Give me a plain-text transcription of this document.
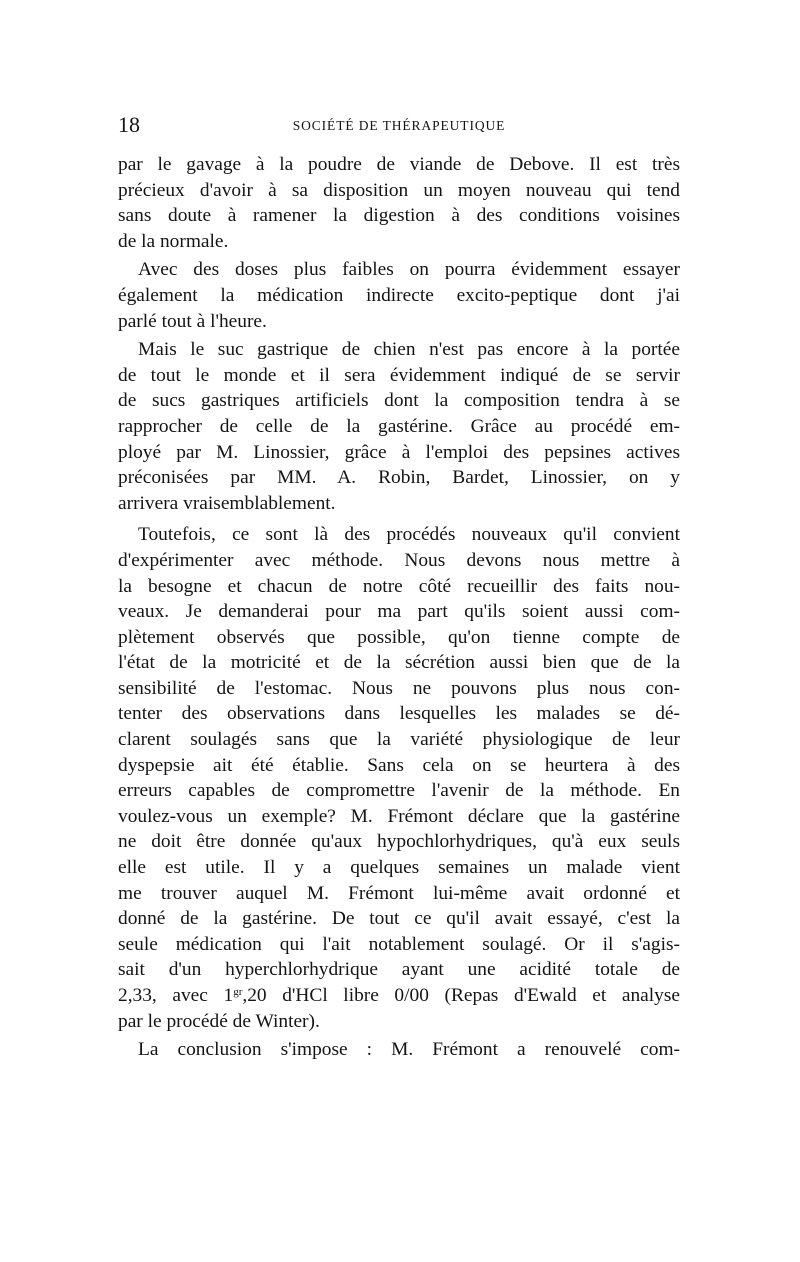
18	SOCIÉTÉ DE THÉRAPEUTIQUE
par le gavage à la poudre de viande de Debove. Il est très
précieux d'avoir à sa disposition un moyen nouveau qui tend
sans doute à ramener la digestion à des conditions voisines
de la normale.
Avec des doses plus faibles on pourra évidemment essayer
également la médication indirecte excito-peptique dont j'ai
parlé tout à l'heure.
Mais le suc gastrique de chien n'est pas encore à la portée
de tout le monde et il sera évidemment indiqué de se servir
de sucs gastriques artificiels dont la composition tendra à se
rapprocher de celle de la gastérine. Grâce au procédé em-
ployé par M. Linossier, grâce à l'emploi des pepsines actives
préconisées par MM. A. Robin, Bardet, Linossier, on y
arrivera vraisemblablement.
Toutefois, ce sont là des procédés nouveaux qu'il convient
d'expérimenter avec méthode. Nous devons nous mettre à
la besogne et chacun de notre côté recueillir des faits nou-
veaux. Je demanderai pour ma part qu'ils soient aussi com-
plètement observés que possible, qu'on tienne compte de
l'état de la motricité et de la sécrétion aussi bien que de la
sensibilité de l'estomac. Nous ne pouvons plus nous con-
tenter des observations dans lesquelles les malades se dé-
clarent soulagés sans que la variété physiologique de leur
dyspepsie ait été établie. Sans cela on se heurtera à des
erreurs capables de compromettre l'avenir de la méthode. En
voulez-vous un exemple? M. Frémont déclare que la gastérine
ne doit être donnée qu'aux hypochlorhydriques, qu'à eux seuls
elle est utile. Il y a quelques semaines un malade vient
me trouver auquel M. Frémont lui-même avait ordonné et
donné de la gastérine. De tout ce qu'il avait essayé, c'est la
seule médication qui l'ait notablement soulagé. Or il s'agis-
sait d'un hyperchlorhydrique ayant une acidité totale de
2,33, avec $1^{gr},20$ d'HCl libre 0/00 (Repas d'Ewald et analyse
par le procédé de Winter).
La conclusion s'impose : M. Frémont a renouvelé com-
